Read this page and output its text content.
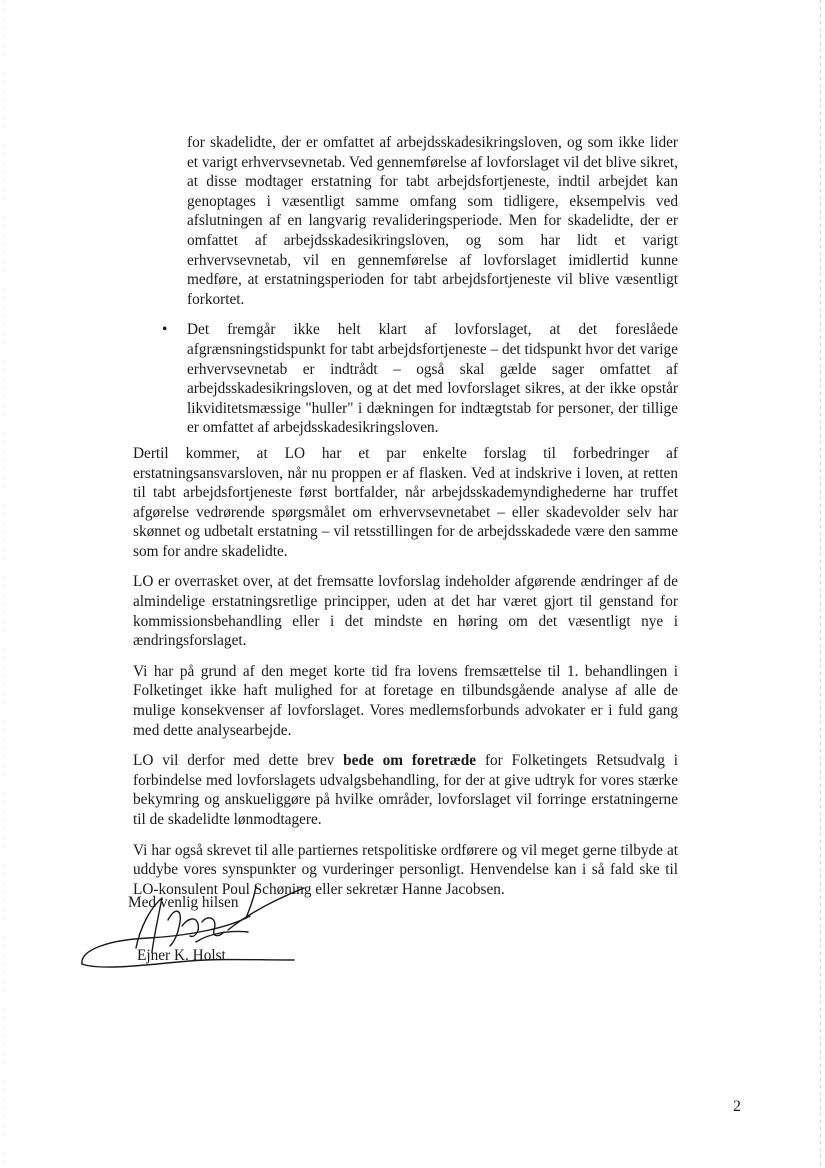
for skadelidte, der er omfattet af arbejdsskadesikringsloven, og som ikke lider et varigt erhvervsevnetab. Ved gennemførelse af lovforslaget vil det blive sikret, at disse modtager erstatning for tabt arbejdsfortjeneste, indtil arbejdet kan genoptages i væsentligt samme omfang som tidligere, eksempelvis ved afslutningen af en langvarig revalideringsperiode. Men for skadelidte, der er omfattet af arbejdsskadesikringsloven, og som har lidt et varigt erhvervsevnetab, vil en gennemførelse af lovforslaget imidlertid kunne medføre, at erstatningsperioden for tabt arbejdsfortjeneste vil blive væsentligt forkortet.

• Det fremgår ikke helt klart af lovforslaget, at det foreslåede afgrænsningstidspunkt for tabt arbejdsfortjeneste – det tidspunkt hvor det varige erhvervsevnetab er indtrådt – også skal gælde sager omfattet af arbejdsskadesikringsloven, og at det med lovforslaget sikres, at der ikke opstår likviditetsmæssige "huller" i dækningen for indtægtstab for personer, der tillige er omfattet af arbejdsskadesikringsloven.

Dertil kommer, at LO har et par enkelte forslag til forbedringer af erstatningsansvarsloven, når nu proppen er af flasken. Ved at indskrive i loven, at retten til tabt arbejdsfortjeneste først bortfalder, når arbejdsskademyndighederne har truffet afgørelse vedrørende spørgsmålet om erhvervsevnetabet – eller skadevolder selv har skønnet og udbetalt erstatning – vil retsstillingen for de arbejdsskadede være den samme som for andre skadelidte.

LO er overrasket over, at det fremsatte lovforslag indeholder afgørende ændringer af de almindelige erstatningsretlige principper, uden at det har været gjort til genstand for kommissionsbehandling eller i det mindste en høring om det væsentligt nye i ændringsforslaget.

Vi har på grund af den meget korte tid fra lovens fremsættelse til 1. behandlingen i Folketinget ikke haft mulighed for at foretage en tilbundsgående analyse af alle de mulige konsekvenser af lovforslaget. Vores medlemsforbunds advokater er i fuld gang med dette analysearbejde.

LO vil derfor med dette brev bede om foretræde for Folketingets Retsudvalg i forbindelse med lovforslagets udvalgsbehandling, for der at give udtryk for vores stærke bekymring og anskueliggøre på hvilke områder, lovforslaget vil forringe erstatningerne til de skadelidte lønmodtagere.

Vi har også skrevet til alle partiernes retspolitiske ordførere og vil meget gerne tilbyde at uddybe vores synspunkter og vurderinger personligt. Henvendelse kan i så fald ske til LO-konsulent Poul Schøning eller sekretær Hanne Jacobsen.

Med venlig hilsen
Ejner K. Holst
2
